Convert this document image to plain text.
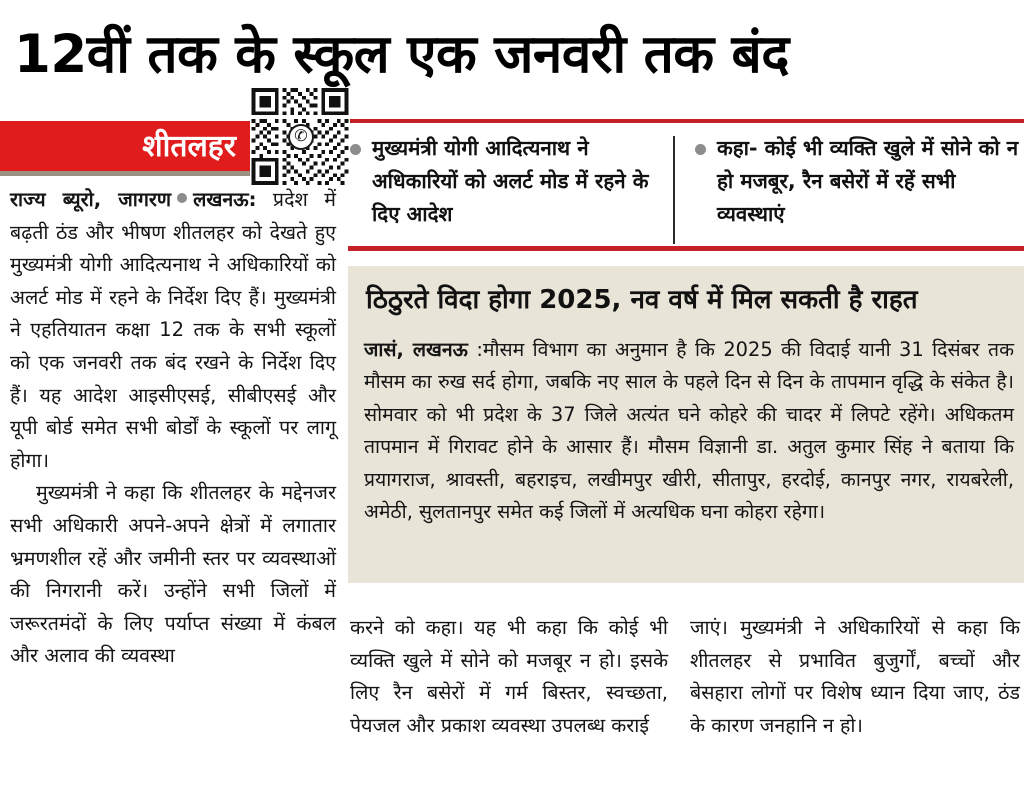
12वीं तक के स्कूल एक जनवरी तक बंद
शीतलहर	✆	मुख्यमंत्री योगी आदित्यनाथ ने अधिकारियों को अलर्ट मोड में रहने के दिए आदेश
कहा- कोई भी व्यक्ति खुले में सोने को न हो मजबूर, रैन बसेरों में रहें सभी व्यवस्थाएं
ठिठुरते विदा होगा 2025, नव वर्ष में मिल सकती है राहत
जासं, लखनऊ :मौसम विभाग का अनुमान है कि 2025 की विदाई यानी 31 दिसंबर तक मौसम का रुख सर्द होगा, जबकि नए साल के पहले दिन से दिन के तापमान वृद्धि के संकेत है। सोमवार को भी प्रदेश के 37 जिले अत्यंत घने कोहरे की चादर में लिपटे रहेंगे। अधिकतम तापमान में गिरावट होने के आसार हैं। मौसम विज्ञानी डा. अतुल कुमार सिंह ने बताया कि प्रयागराज, श्रावस्ती, बहराइच, लखीमपुर खीरी, सीतापुर, हरदोई, कानपुर नगर, रायबरेली, अमेठी, सुलतानपुर समेत कई जिलों में अत्यधिक घना कोहरा रहेगा।

राज्य ब्यूरो, जागरण लखनऊ: प्रदेश में बढ़ती ठंड और भीषण शीतलहर को देखते हुए मुख्यमंत्री योगी आदित्यनाथ ने अधिकारियों को अलर्ट मोड में रहने के निर्देश दिए हैं। मुख्यमंत्री ने एहतियातन कक्षा 12 तक के सभी स्कूलों को एक जनवरी तक बंद रखने के निर्देश दिए हैं। यह आदेश आइसीएसई, सीबीएसई और यूपी बोर्ड समेत सभी बोर्डों के स्कूलों पर लागू होगा।

मुख्यमंत्री ने कहा कि शीतलहर के मद्देनजर सभी अधिकारी अपने-अपने क्षेत्रों में लगातार भ्रमणशील रहें और जमीनी स्तर पर व्यवस्थाओं की निगरानी करें। उन्होंने सभी जिलों में जरूरतमंदों के लिए पर्याप्त संख्या में कंबल और अलाव की व्यवस्था

करने को कहा। यह भी कहा कि कोई भी व्यक्ति खुले में सोने को मजबूर न हो। इसके लिए रैन बसेरों में गर्म बिस्तर, स्वच्छता, पेयजल और प्रकाश व्यवस्था उपलब्ध कराई

जाएं। मुख्यमंत्री ने अधिकारियों से कहा कि शीतलहर से प्रभावित बुजुर्गों, बच्चों और बेसहारा लोगों पर विशेष ध्यान दिया जाए, ठंड के कारण जनहानि न हो।
